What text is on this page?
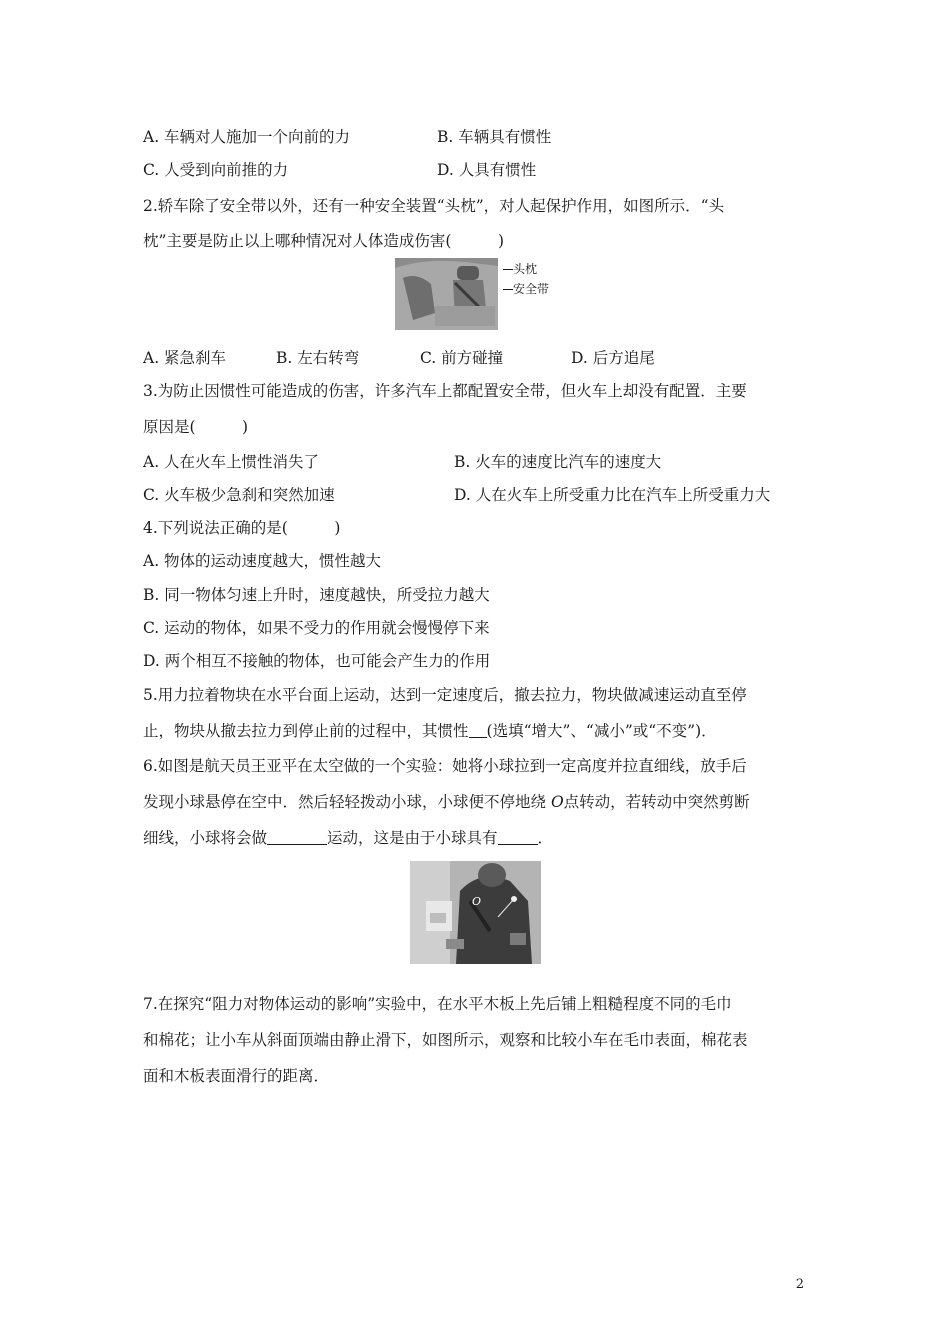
A. 车辆对人施加一个向前的力	B. 车辆具有惯性
C. 人受到向前推的力	D. 人具有惯性
2.轿车除了安全带以外，还有一种安全装置“头枕”，对人起保护作用，如图所示．“头
枕”主要是防止以上哪种情况对人体造成伤害(　　　)
头枕
安全带
A. 紧急刹车	B. 左右转弯	C. 前方碰撞	D. 后方追尾
3.为防止因惯性可能造成的伤害，许多汽车上都配置安全带，但火车上却没有配置．主要
原因是(　　　)
A. 人在火车上惯性消失了	B. 火车的速度比汽车的速度大
C. 火车极少急刹和突然加速	D. 人在火车上所受重力比在汽车上所受重力大
4.下列说法正确的是(　　　)
A. 物体的运动速度越大，惯性越大
B. 同一物体匀速上升时，速度越快，所受拉力越大
C. 运动的物体，如果不受力的作用就会慢慢停下来
D. 两个相互不接触的物体，也可能会产生力的作用
5.用力拉着物块在水平台面上运动，达到一定速度后，撤去拉力，物块做减速运动直至停
止，物块从撤去拉力到停止前的过程中，其惯性 (选填“增大”、“减小”或“不变”)．
6.如图是航天员王亚平在太空做的一个实验：她将小球拉到一定高度并拉直细线，放手后
发现小球悬停在空中．然后轻轻拨动小球，小球便不停地绕 O点转动，若转动中突然剪断
细线，小球将会做	运动，这是由于小球具有	．
O
7.在探究“阻力对物体运动的影响”实验中，在水平木板上先后铺上粗糙程度不同的毛巾
和棉花；让小车从斜面顶端由静止滑下，如图所示，观察和比较小车在毛巾表面，棉花表
面和木板表面滑行的距离．
2
